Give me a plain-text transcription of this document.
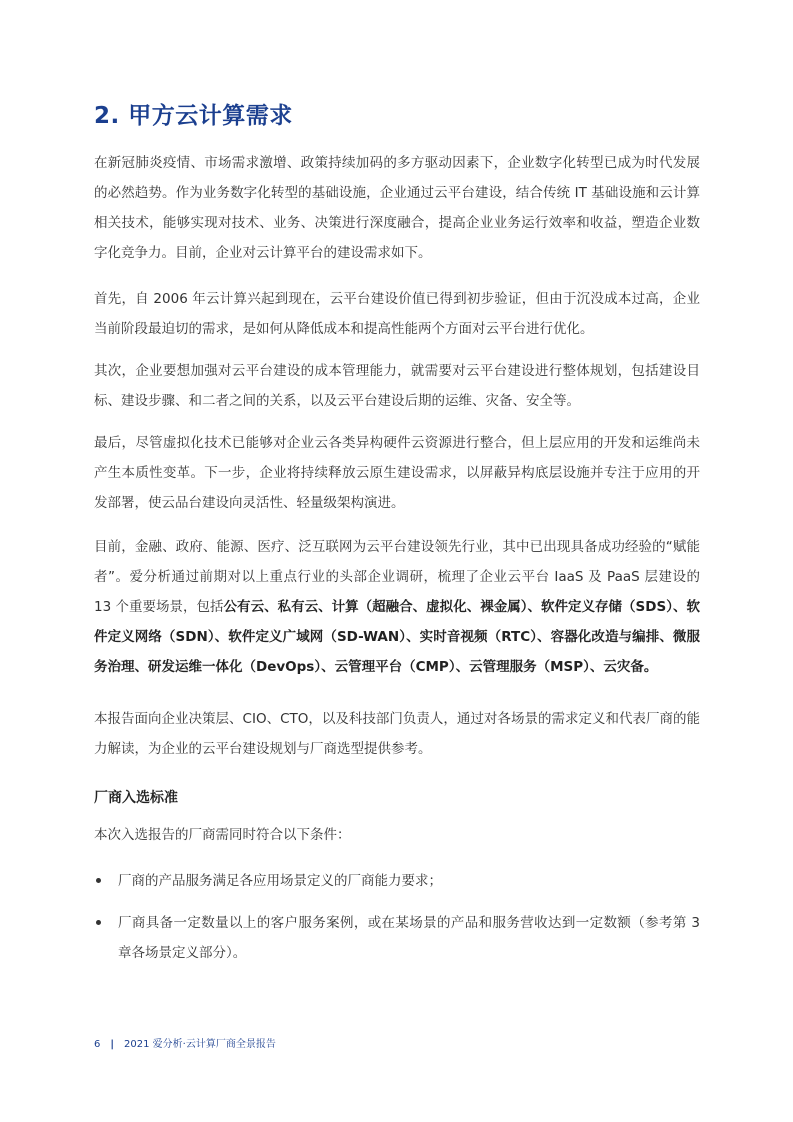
2. 甲方云计算需求

在新冠肺炎疫情、市场需求激增、政策持续加码的多方驱动因素下，企业数字化转型已成为时代发展的必然趋势。作为业务数字化转型的基础设施，企业通过云平台建设，结合传统 IT 基础设施和云计算相关技术，能够实现对技术、业务、决策进行深度融合，提高企业业务运行效率和收益，塑造企业数字化竞争力。目前，企业对云计算平台的建设需求如下。

首先，自 2006 年云计算兴起到现在，云平台建设价值已得到初步验证，但由于沉没成本过高，企业当前阶段最迫切的需求，是如何从降低成本和提高性能两个方面对云平台进行优化。

其次，企业要想加强对云平台建设的成本管理能力，就需要对云平台建设进行整体规划，包括建设目标、建设步骤、和二者之间的关系，以及云平台建设后期的运维、灾备、安全等。

最后，尽管虚拟化技术已能够对企业云各类异构硬件云资源进行整合，但上层应用的开发和运维尚未产生本质性变革。下一步，企业将持续释放云原生建设需求，以屏蔽异构底层设施并专注于应用的开发部署，使云品台建设向灵活性、轻量级架构演进。

目前，金融、政府、能源、医疗、泛互联网为云平台建设领先行业，其中已出现具备成功经验的“赋能者”。爱分析通过前期对以上重点行业的头部企业调研，梳理了企业云平台 IaaS 及 PaaS 层建设的 13 个重要场景，包括公有云、私有云、计算（超融合、虚拟化、裸金属）、软件定义存储（SDS）、软件定义网络（SDN）、软件定义广域网（SD-WAN）、实时音视频（RTC）、容器化改造与编排、微服务治理、研发运维一体化（DevOps）、云管理平台（CMP）、云管理服务（MSP）、云灾备。

本报告面向企业决策层、CIO、CTO，以及科技部门负责人，通过对各场景的需求定义和代表厂商的能力解读，为企业的云平台建设规划与厂商选型提供参考。

厂商入选标准

本次入选报告的厂商需同时符合以下条件：

厂商的产品服务满足各应用场景定义的厂商能力要求；
厂商具备一定数量以上的客户服务案例，或在某场景的产品和服务营收达到一定数额（参考第 3 章各场景定义部分）。
6 | 2021 爱分析·云计算厂商全景报告
